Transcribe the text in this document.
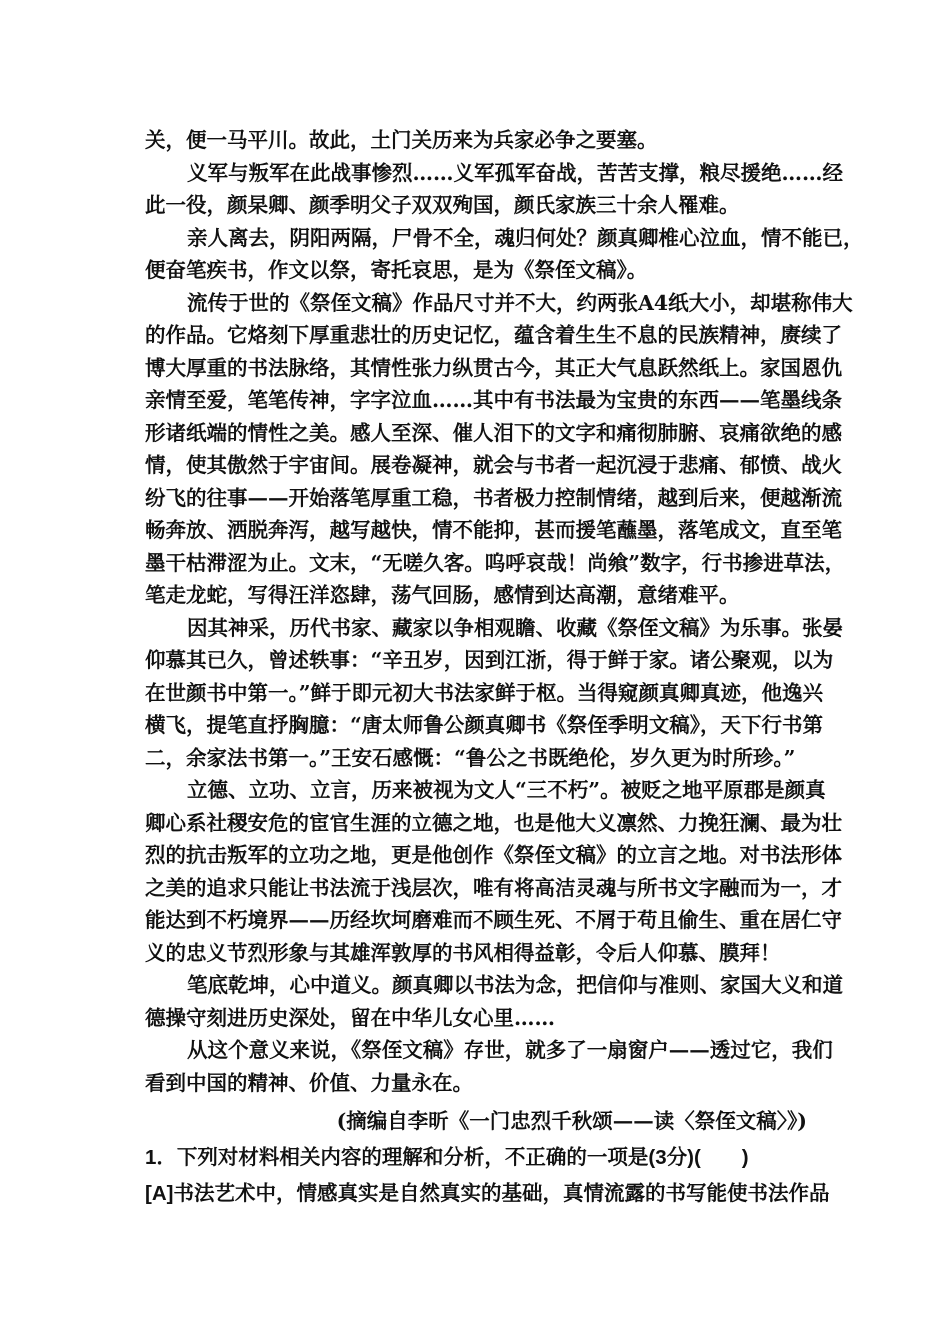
关，便一马平川。故此，土门关历来为兵家必争之要塞。
义军与叛军在此战事惨烈……义军孤军奋战，苦苦支撑，粮尽援绝……经
此一役，颜杲卿、颜季明父子双双殉国，颜氏家族三十余人罹难。
亲人离去，阴阳两隔，尸骨不全，魂归何处？颜真卿椎心泣血，情不能已，
便奋笔疾书，作文以祭，寄托哀思，是为《祭侄文稿》。
流传于世的《祭侄文稿》作品尺寸并不大，约两张A4纸大小，却堪称伟大
的作品。它烙刻下厚重悲壮的历史记忆，蕴含着生生不息的民族精神，赓续了
博大厚重的书法脉络，其情性张力纵贯古今，其正大气息跃然纸上。家国恩仇
亲情至爱，笔笔传神，字字泣血……其中有书法最为宝贵的东西——笔墨线条
形诸纸端的情性之美。感人至深、催人泪下的文字和痛彻肺腑、哀痛欲绝的感
情，使其傲然于宇宙间。展卷凝神，就会与书者一起沉浸于悲痛、郁愤、战火
纷飞的往事——开始落笔厚重工稳，书者极力控制情绪，越到后来，便越渐流
畅奔放、洒脱奔泻，越写越快，情不能抑，甚而援笔蘸墨，落笔成文，直至笔
墨干枯滞涩为止。文末，“无嗟久客。呜呼哀哉！尚飨”数字，行书掺进草法，
笔走龙蛇，写得汪洋恣肆，荡气回肠，感情到达高潮，意绪难平。
因其神采，历代书家、藏家以争相观瞻、收藏《祭侄文稿》为乐事。张晏
仰慕其已久，曾述轶事：“辛丑岁，因到江浙，得于鲜于家。诸公聚观，以为
在世颜书中第一。”鲜于即元初大书法家鲜于枢。当得窥颜真卿真迹，他逸兴
横飞，提笔直抒胸臆：“唐太师鲁公颜真卿书《祭侄季明文稿》，天下行书第
二，余家法书第一。”王安石感慨：“鲁公之书既绝伦，岁久更为时所珍。”
立德、立功、立言，历来被视为文人“三不朽”。被贬之地平原郡是颜真
卿心系社稷安危的宦官生涯的立德之地，也是他大义凛然、力挽狂澜、最为壮
烈的抗击叛军的立功之地，更是他创作《祭侄文稿》的立言之地。对书法形体
之美的追求只能让书法流于浅层次，唯有将高洁灵魂与所书文字融而为一，才
能达到不朽境界——历经坎坷磨难而不顾生死、不屑于苟且偷生、重在居仁守
义的忠义节烈形象与其雄浑敦厚的书风相得益彰，令后人仰慕、膜拜！
笔底乾坤，心中道义。颜真卿以书法为念，把信仰与准则、家国大义和道
德操守刻进历史深处，留在中华儿女心里……
从这个意义来说，《祭侄文稿》存世，就多了一扇窗户——透过它，我们
看到中国的精神、价值、力量永在。
(摘编自李昕《一门忠烈千秋颂——读〈祭侄文稿〉》)
1．下列对材料相关内容的理解和分析，不正确的一项是(3分)(　　)
[A]书法艺术中，情感真实是自然真实的基础，真情流露的书写能使书法作品
